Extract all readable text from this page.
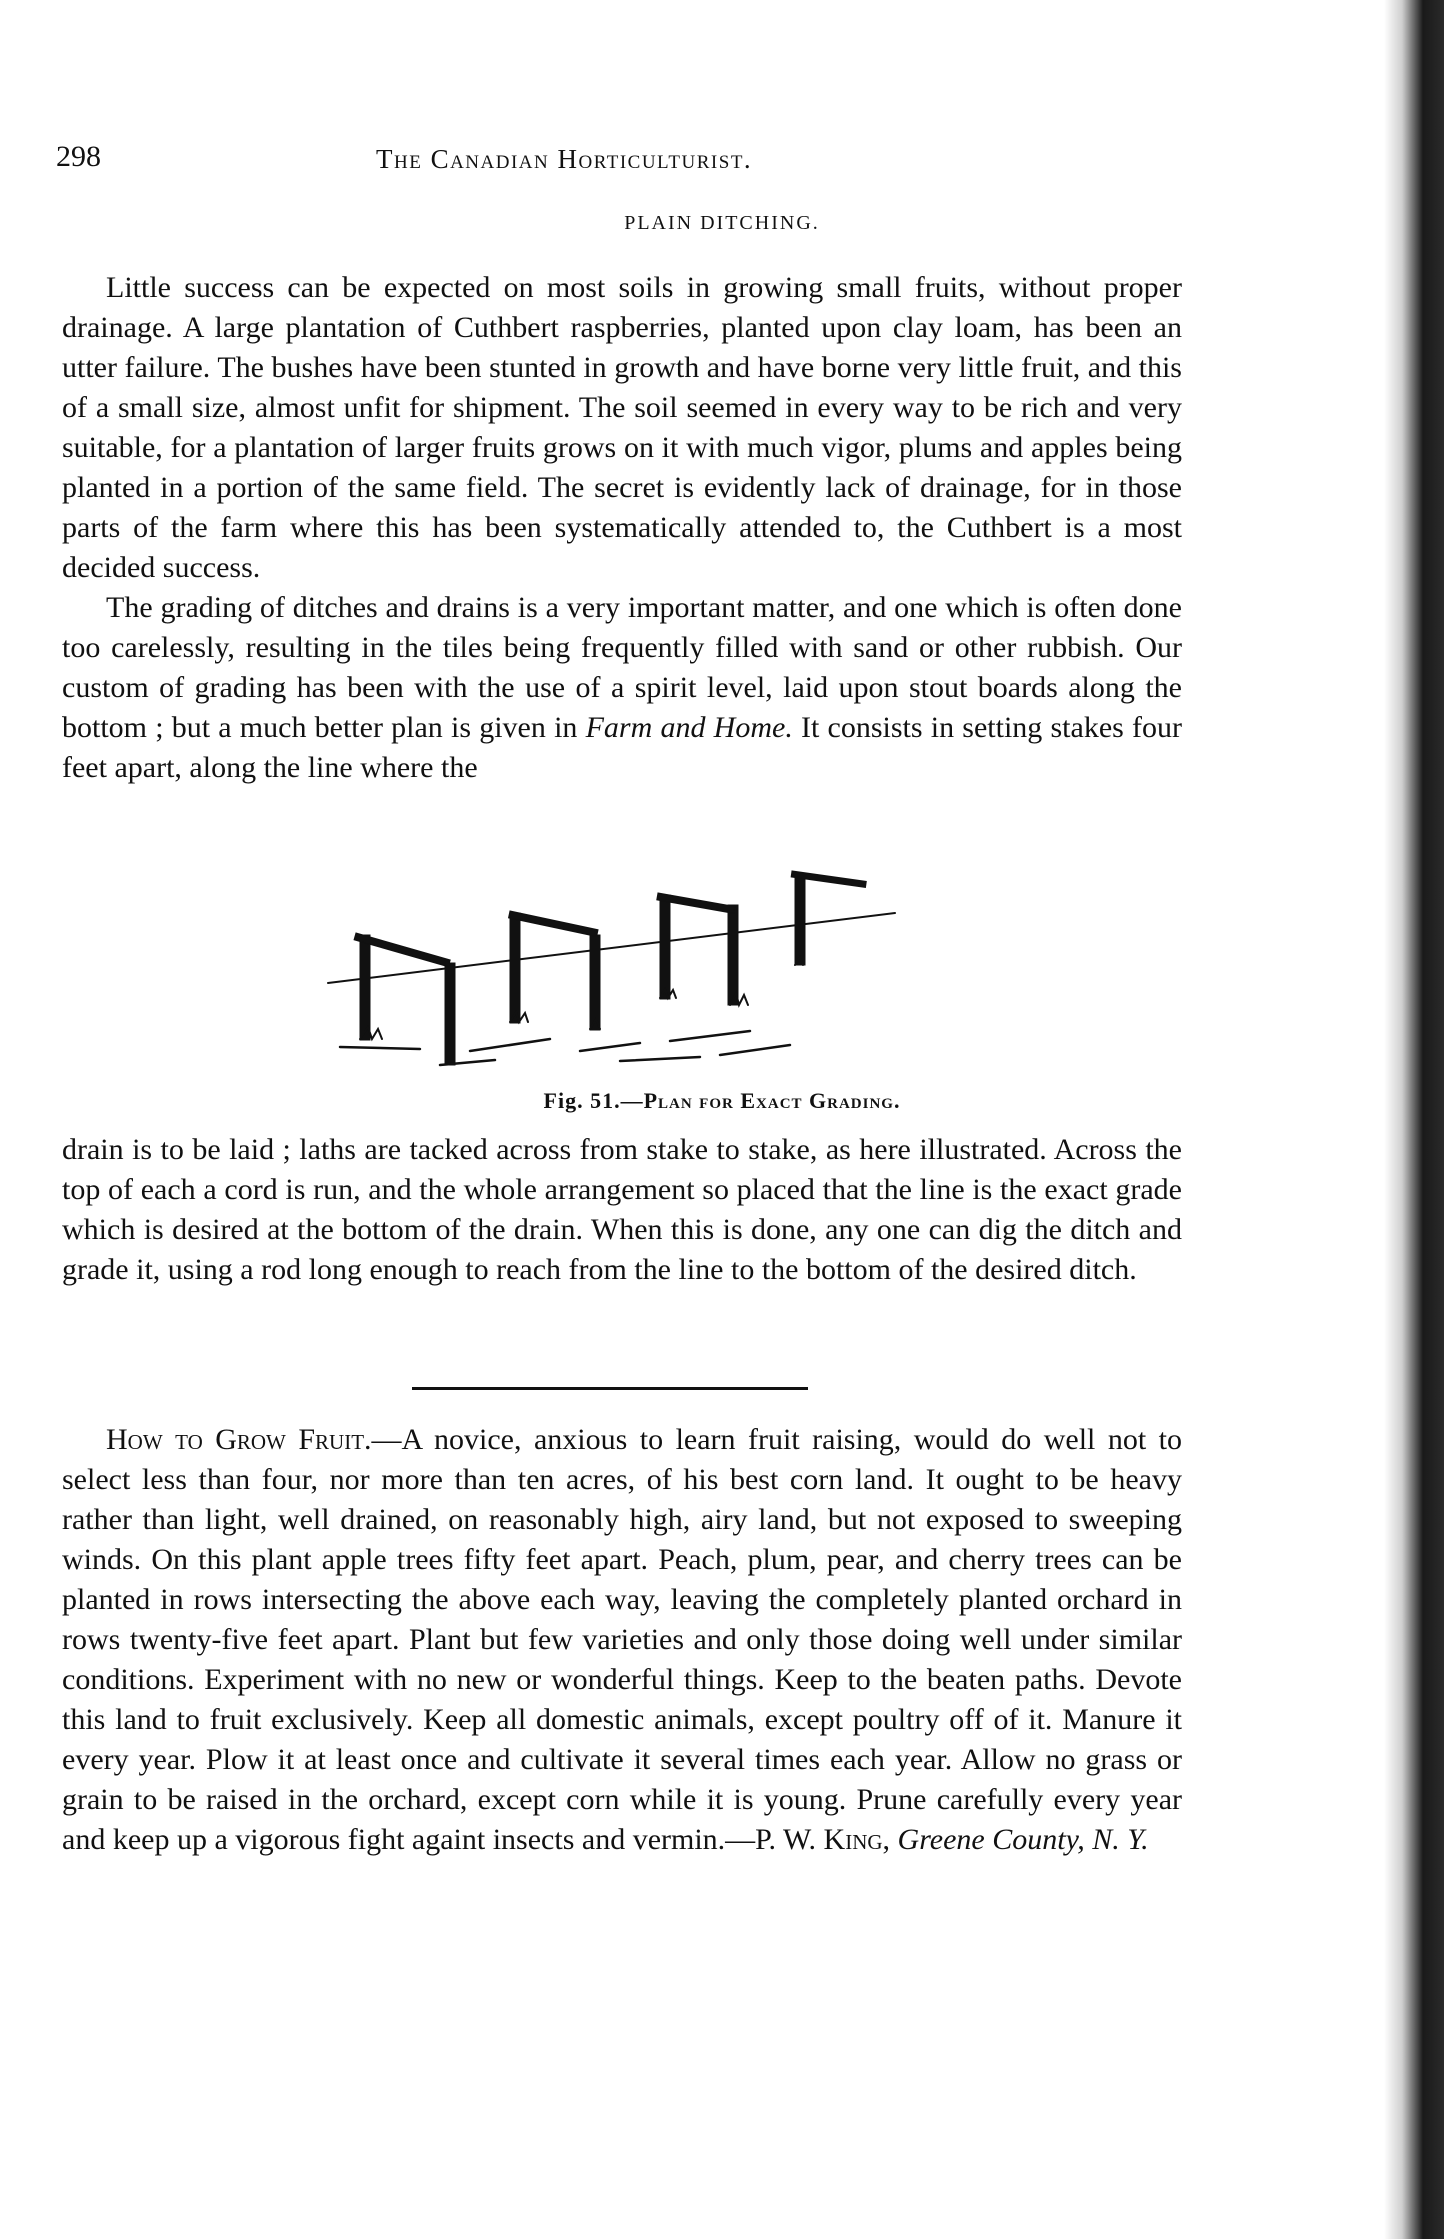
298	The Canadian Horticulturist.
PLAIN DITCHING.

Little success can be expected on most soils in growing small fruits, without proper drainage. A large plantation of Cuthbert raspberries, planted upon clay loam, has been an utter failure. The bushes have been stunted in growth and have borne very little fruit, and this of a small size, almost unfit for shipment. The soil seemed in every way to be rich and very suitable, for a plantation of larger fruits grows on it with much vigor, plums and apples being planted in a portion of the same field. The secret is evidently lack of drainage, for in those parts of the farm where this has been systematically attended to, the Cuthbert is a most decided success.

The grading of ditches and drains is a very important matter, and one which is often done too carelessly, resulting in the tiles being frequently filled with sand or other rubbish. Our custom of grading has been with the use of a spirit level, laid upon stout boards along the bottom ; but a much better plan is given in Farm and Home. It consists in setting stakes four feet apart, along the line where the

Fig. 51.—Plan for Exact Grading.

drain is to be laid ; laths are tacked across from stake to stake, as here illustrated. Across the top of each a cord is run, and the whole arrangement so placed that the line is the exact grade which is desired at the bottom of the drain. When this is done, any one can dig the ditch and grade it, using a rod long enough to reach from the line to the bottom of the desired ditch.

How to Grow Fruit.—A novice, anxious to learn fruit raising, would do well not to select less than four, nor more than ten acres, of his best corn land. It ought to be heavy rather than light, well drained, on reasonably high, airy land, but not exposed to sweeping winds. On this plant apple trees fifty feet apart. Peach, plum, pear, and cherry trees can be planted in rows intersecting the above each way, leaving the completely planted orchard in rows twenty-five feet apart. Plant but few varieties and only those doing well under similar conditions. Experiment with no new or wonderful things. Keep to the beaten paths. Devote this land to fruit exclusively. Keep all domestic animals, except poultry off of it. Manure it every year. Plow it at least once and cultivate it several times each year. Allow no grass or grain to be raised in the orchard, except corn while it is young. Prune carefully every year and keep up a vigorous fight againt insects and vermin.—P. W. King, Greene County, N. Y.
